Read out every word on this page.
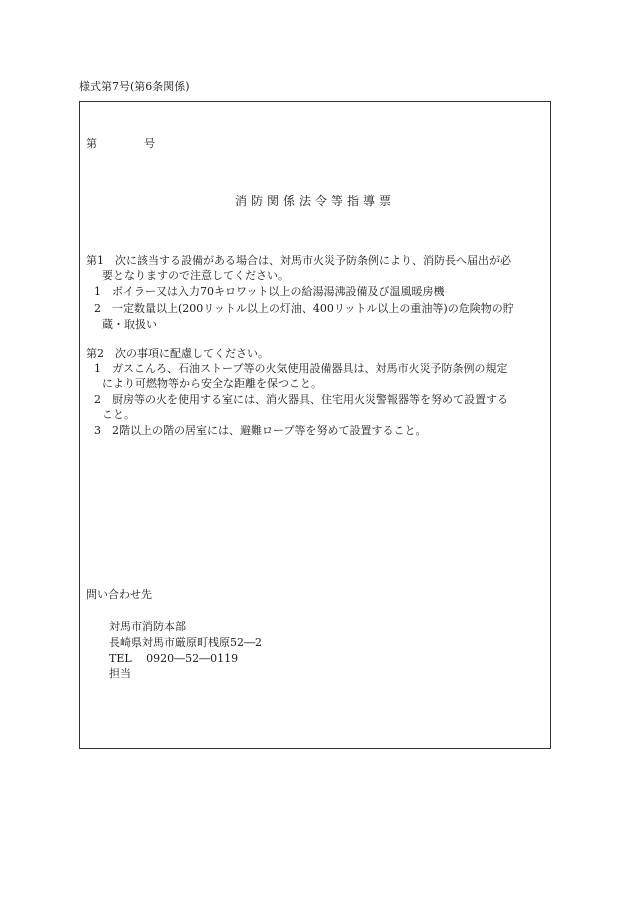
様式第7号(第6条関係)
第	号
消防関係法令等指導票
第1　次に該当する設備がある場合は、対馬市火災予防条例により、消防長へ届出が必
要となりますので注意してください。
1　ボイラー又は入力70キロワット以上の給湯湯沸設備及び温風暖房機
2　一定数量以上(200リットル以上の灯油、400リットル以上の重油等)の危険物の貯
蔵・取扱い
第2　次の事項に配慮してください。
1　ガスこんろ、石油ストーブ等の火気使用設備器具は、対馬市火災予防条例の規定
により可燃物等から安全な距離を保つこと。
2　厨房等の火を使用する室には、消火器具、住宅用火災警報器等を努めて設置する
こと。
3　2階以上の階の居室には、避難ロープ等を努めて設置すること。
問い合わせ先
対馬市消防本部
長崎県対馬市厳原町桟原52―2
TEL　 0920―52―0119
担当
